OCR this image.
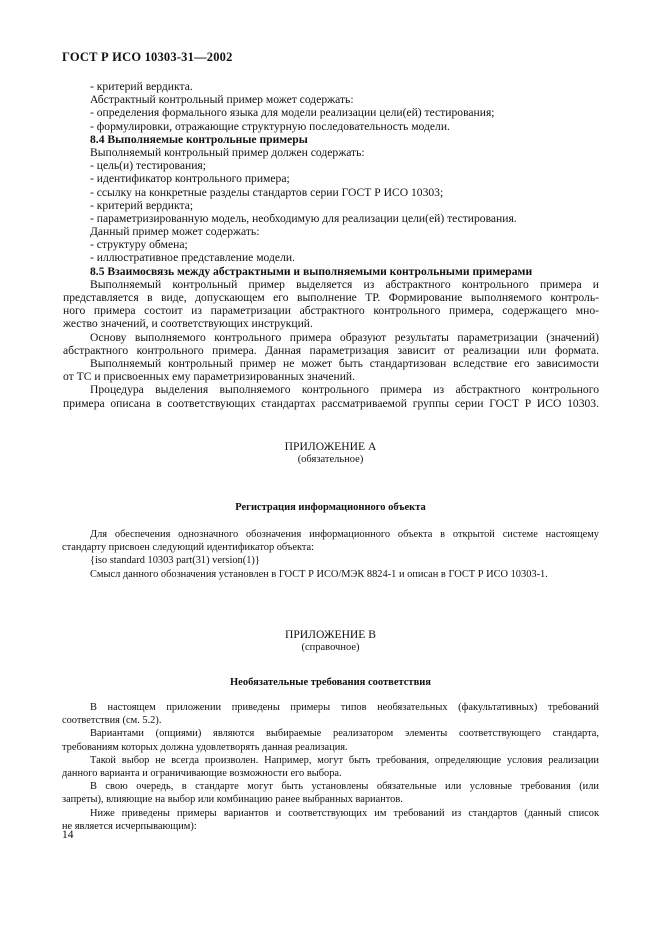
ГОСТ Р ИСО 10303-31—2002
- критерий вердикта.
Абстрактный контрольный пример может содержать:
- определения формального языка для модели реализации цели(ей) тестирования;
- формулировки, отражающие структурную последовательность модели.
8.4 Выполняемые контрольные примеры
Выполняемый контрольный пример должен содержать:
- цель(и) тестирования;
- идентификатор контрольного примера;
- ссылку на конкретные разделы стандартов серии ГОСТ Р ИСО 10303;
- критерий вердикта;
- параметризированную модель, необходимую для реализации цели(ей) тестирования.
Данный пример может содержать:
- структуру обмена;
- иллюстративное представление модели.
8.5 Взаимосвязь между абстрактными и выполняемыми контрольными примерами
Выполняемый контрольный пример выделяется из абстрактного контрольного примера и
представляется в виде, допускающем его выполнение ТР. Формирование выполняемого контроль-
ного примера состоит из параметризации абстрактного контрольного примера, содержащего мно-
жество значений, и соответствующих инструкций.
Основу выполняемого контрольного примера образуют результаты параметризации (значений)
абстрактного контрольного примера. Данная параметризация зависит от реализации или формата.
Выполняемый контрольный пример не может быть стандартизован вследствие его зависимости
от ТС и присвоенных ему параметризированных значений.
Процедура выделения выполняемого контрольного примера из абстрактного контрольного
примера описана в соответствующих стандартах рассматриваемой группы серии ГОСТ Р ИСО 10303.
ПРИЛОЖЕНИЕ А
(обязательное)
Регистрация информационного объекта
Для обеспечения однозначного обозначения информационного объекта в открытой системе настоящему
стандарту присвоен следующий идентификатор объекта:
{iso standard 10303 part(31) version(1)}
Смысл данного обозначения установлен в ГОСТ Р ИСО/МЭК 8824-1 и описан в ГОСТ Р ИСО 10303-1.
ПРИЛОЖЕНИЕ В
(справочное)
Необязательные требования соответствия
В настоящем приложении приведены примеры типов необязательных (факультативных) требований
соответствия (см. 5.2).
Вариантами (опциями) являются выбираемые реализатором элементы соответствующего стандарта,
требованиям которых должна удовлетворять данная реализация.
Такой выбор не всегда произволен. Например, могут быть требования, определяющие условия реализации
данного варианта и ограничивающие возможности его выбора.
В свою очередь, в стандарте могут быть установлены обязательные или условные требования (или
запреты), влияющие на выбор или комбинацию ранее выбранных вариантов.
Ниже приведены примеры вариантов и соответствующих им требований из стандартов (данный список
не является исчерпывающим):
14
